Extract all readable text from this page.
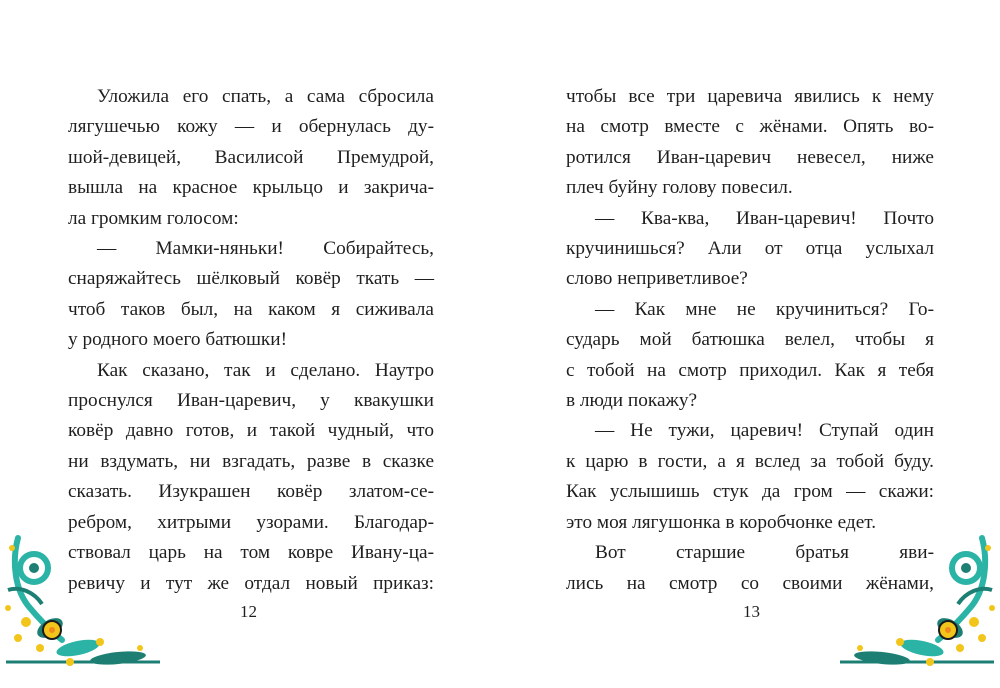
Уложила его спать, а сама сбросила
лягушечью кожу — и обернулась ду-
шой-девицей, Василисой Премудрой,
вышла на красное крыльцо и закрича-
ла громким голосом:
— Мамки-няньки! Собирайтесь,
снаряжайтесь шёлковый ковёр ткать —
чтоб таков был, на каком я сиживала
у родного моего батюшки!
Как сказано, так и сделано. Наутро
проснулся Иван-царевич, у квакушки
ковёр давно готов, и такой чудный, что
ни вздумать, ни взгадать, разве в сказке
сказать. Изукрашен ковёр златом-се-
ребром, хитрыми узорами. Благодар-
ствовал царь на том ковре Ивану-ца-
ревичу и тут же отдал новый приказ:
12
чтобы все три царевича явились к нему
на смотр вместе с жёнами. Опять во-
ротился Иван-царевич невесел, ниже
плеч буйну голову повесил.
— Ква-ква, Иван-царевич! Почто
кручинишься? Али от отца услыхал
слово неприветливое?
— Как мне не кручиниться? Го-
сударь мой батюшка велел, чтобы я
с тобой на смотр приходил. Как я тебя
в люди покажу?
— Не тужи, царевич! Ступай один
к царю в гости, а я вслед за тобой буду.
Как услышишь стук да гром — скажи:
это моя лягушонка в коробчонке едет.
Вот старшие братья яви-
лись на смотр со своими жёнами,
13
